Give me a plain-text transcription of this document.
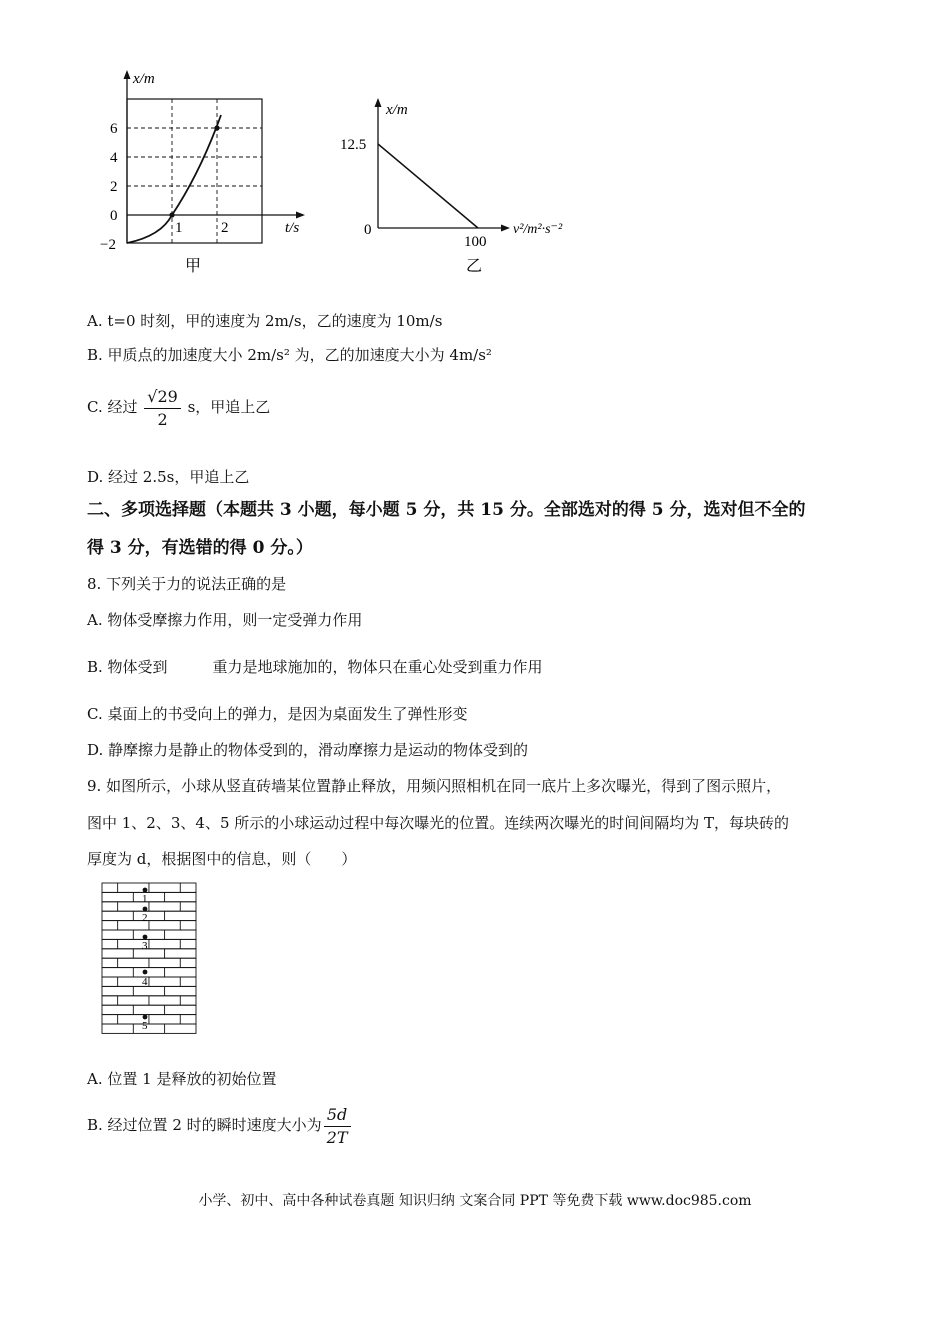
x/m
6
4
2
0
−2
1	2	t/s
甲
x/m
12.5
0
100
v²/m²·s⁻²
乙
A. t=0 时刻，甲的速度为 2m/s，乙的速度为 10m/s
B. 甲质点的加速度大小 2m/s² 为，乙的加速度大小为 4m/s²
C. 经过 $\frac{√29}{2}$ s，甲追上乙
D. 经过 2.5s，甲追上乙
二、多项选择题（本题共 3 小题，每小题 5 分，共 15 分。全部选对的得 5 分，选对但不全的
得 3 分，有选错的得 0 分。）
8. 下列关于力的说法正确的是
A. 物体受摩擦力作用，则一定受弹力作用
B. 物体受到　　　重力是地球施加的，物体只在重心处受到重力作用
C. 桌面上的书受向上的弹力，是因为桌面发生了弹性形变
D. 静摩擦力是静止的物体受到的，滑动摩擦力是运动的物体受到的
9. 如图所示，小球从竖直砖墙某位置静止释放，用频闪照相机在同一底片上多次曝光，得到了图示照片，
图中 1、2、3、4、5 所示的小球运动过程中每次曝光的位置。连续两次曝光的时间间隔均为 T，每块砖的
厚度为 d，根据图中的信息，则（　　）
1
2
3
4
5
A. 位置 1 是释放的初始位置
B. 经过位置 2 时的瞬时速度大小为 $\frac{5d}{2T}$
小学、初中、高中各种试卷真题 知识归纳 文案合同 PPT 等免费下载 www.doc985.com
